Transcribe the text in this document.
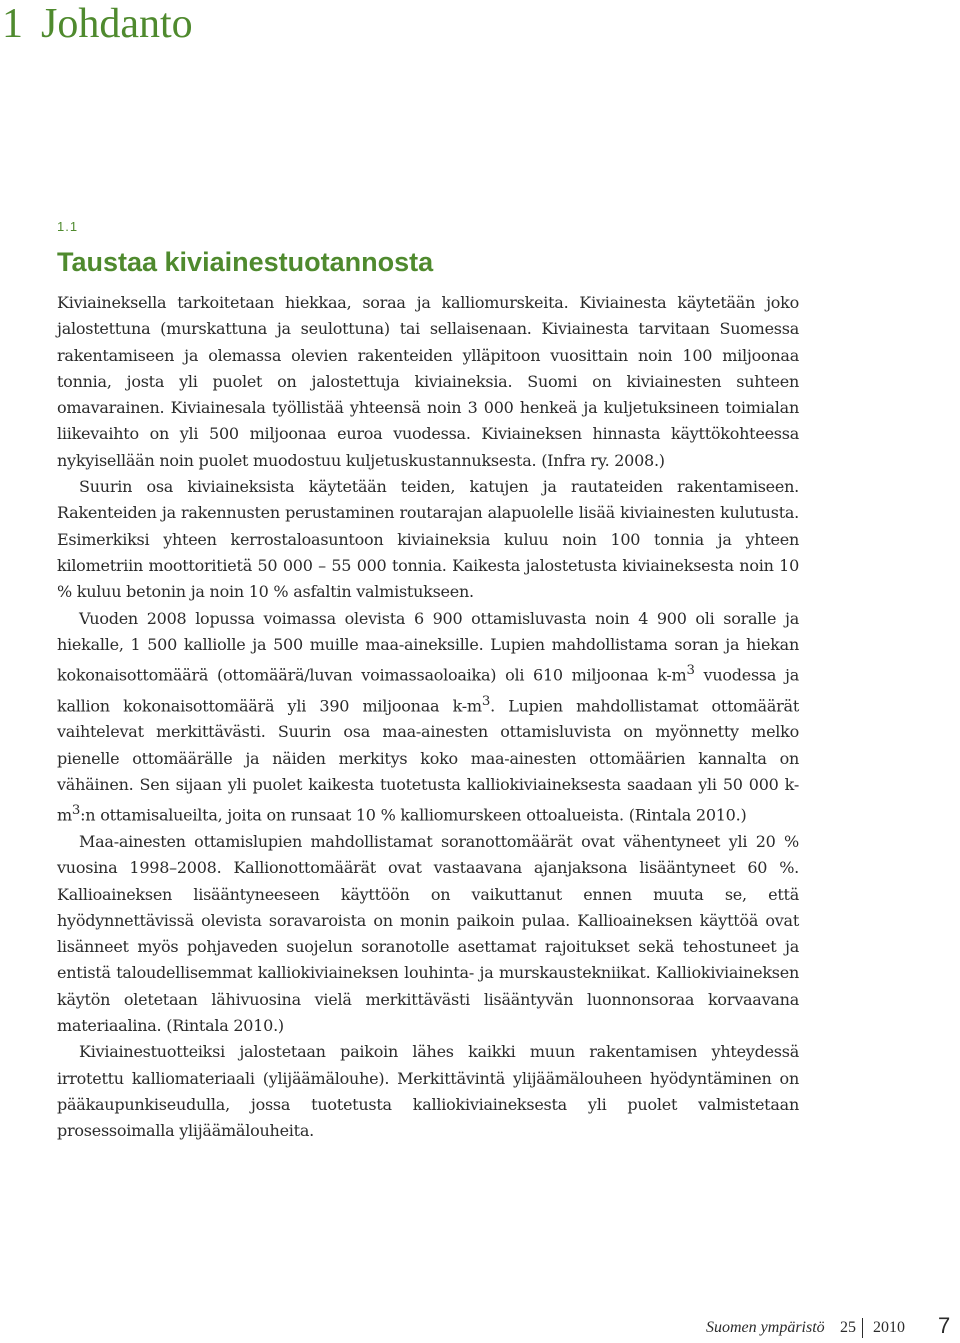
1 Johdanto
1.1
Taustaa kiviainestuotannosta

Kiviaineksella tarkoitetaan hiekkaa, soraa ja kalliomurskeita. Kiviainesta käytetään joko jalostettuna (murskattuna ja seulottuna) tai sellaisenaan. Kiviainesta tarvitaan Suomessa rakentamiseen ja olemassa olevien rakenteiden ylläpitoon vuosittain noin 100 miljoonaa tonnia, josta yli puolet on jalostettuja kiviaineksia. Suomi on kiviainesten suhteen omavarainen. Kiviainesala työllistää yhteensä noin 3 000 henkeä ja kuljetuksineen toimialan liikevaihto on yli 500 miljoonaa euroa vuodessa. Kiviaineksen hinnasta käyttökohteessa nykyisellään noin puolet muodostuu kuljetuskustannuksesta. (Infra ry. 2008.)

Suurin osa kiviaineksista käytetään teiden, katujen ja rautateiden rakentamiseen. Rakenteiden ja rakennusten perustaminen routarajan alapuolelle lisää kiviainesten kulutusta. Esimerkiksi yhteen kerrostaloasuntoon kiviaineksia kuluu noin 100 tonnia ja yhteen kilometriin moottoritietä 50 000 – 55 000 tonnia. Kaikesta jalostetusta kiviaineksesta noin 10 % kuluu betonin ja noin 10 % asfaltin valmistukseen.

Vuoden 2008 lopussa voimassa olevista 6 900 ottamisluvasta noin 4 900 oli soralle ja hiekalle, 1 500 kalliolle ja 500 muille maa-aineksille. Lupien mahdollistama soran ja hiekan kokonaisottomäärä (ottomäärä/luvan voimassaoloaika) oli 610 miljoonaa $k-m^3$ vuodessa ja kallion kokonaisottomäärä yli 390 miljoonaa $k-m^3$. Lupien mahdollistamat ottomäärät vaihtelevat merkittävästi. Suurin osa maa-ainesten ottamisluvista on myönnetty melko pienelle ottomäärälle ja näiden merkitys koko maa-ainesten ottomäärien kannalta on vähäinen. Sen sijaan yli puolet kaikesta tuotetusta kalliokiviaineksesta saadaan yli 50 000 $k-m^3:n$ ottamisalueilta, joita on runsaat 10 % kalliomurskeen ottoalueista. (Rintala 2010.)

Maa-ainesten ottamislupien mahdollistamat soranottomäärät ovat vähentyneet yli 20 % vuosina 1998–2008. Kallionottomäärät ovat vastaavana ajanjaksona lisääntyneet 60 %. Kallioaineksen lisääntyneeseen käyttöön on vaikuttanut ennen muuta se, että hyödynnettävissä olevista soravaroista on monin paikoin pulaa. Kallioaineksen käyttöä ovat lisänneet myös pohjaveden suojelun soranotolle asettamat rajoitukset sekä tehostuneet ja entistä taloudellisemmat kalliokiviaineksen louhinta- ja murskaustekniikat. Kalliokiviaineksen käytön oletetaan lähivuosina vielä merkittävästi lisääntyvän luonnonsoraa korvaavana materiaalina. (Rintala 2010.)

Kiviainestuotteiksi jalostetaan paikoin lähes kaikki muun rakentamisen yhteydessä irrotettu kalliomateriaali (ylijäämälouhe). Merkittävintä ylijäämälouheen hyödyntäminen on pääkaupunkiseudulla, jossa tuotetusta kalliokiviaineksesta yli puolet valmistetaan prosessoimalla ylijäämälouheita.

Suomen ympäristö 25 2010 7
